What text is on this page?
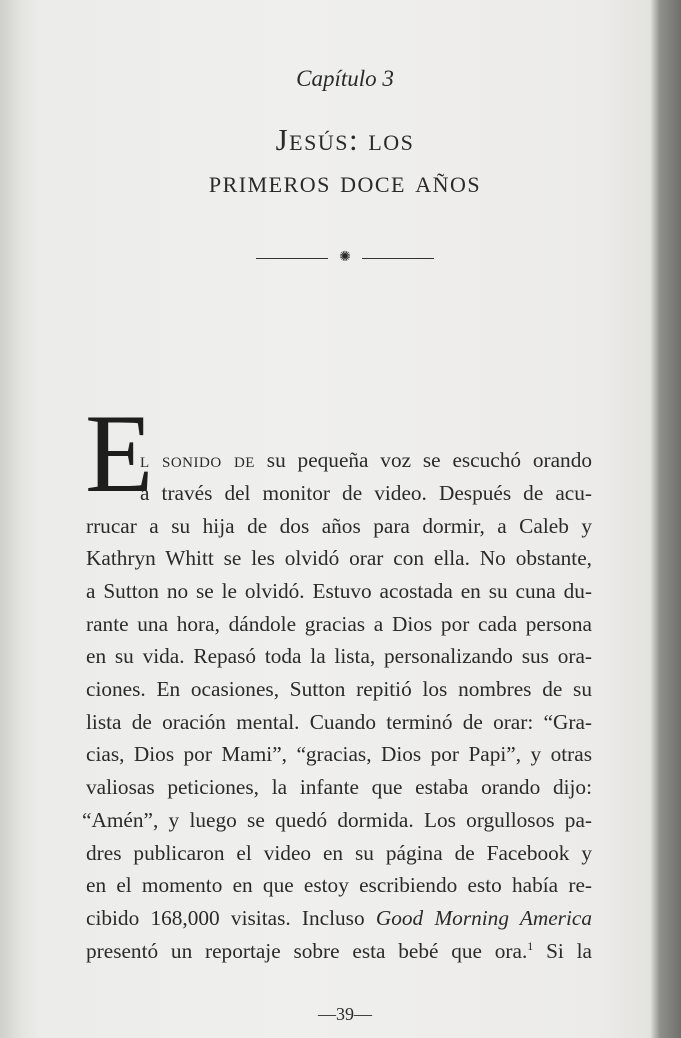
Capítulo 3
Jesús: los
primeros doce años
✺
E
l sonido de su pequeña voz se escuchó orando
a través del monitor de video. Después de acu-
rrucar a su hija de dos años para dormir, a Caleb y
Kathryn Whitt se les olvidó orar con ella. No obstante,
a Sutton no se le olvidó. Estuvo acostada en su cuna du-
rante una hora, dándole gracias a Dios por cada persona
en su vida. Repasó toda la lista, personalizando sus ora-
ciones. En ocasiones, Sutton repitió los nombres de su
lista de oración mental. Cuando terminó de orar: “Gra-
cias, Dios por Mami”, “gracias, Dios por Papi”, y otras
valiosas peticiones, la infante que estaba orando dijo:
“Amén”, y luego se quedó dormida. Los orgullosos pa-
dres publicaron el video en su página de Facebook y
en el momento en que estoy escribiendo esto había re-
cibido 168,000 visitas. Incluso Good Morning America
presentó un reportaje sobre esta bebé que ora.$^1$ Si la
—39—
